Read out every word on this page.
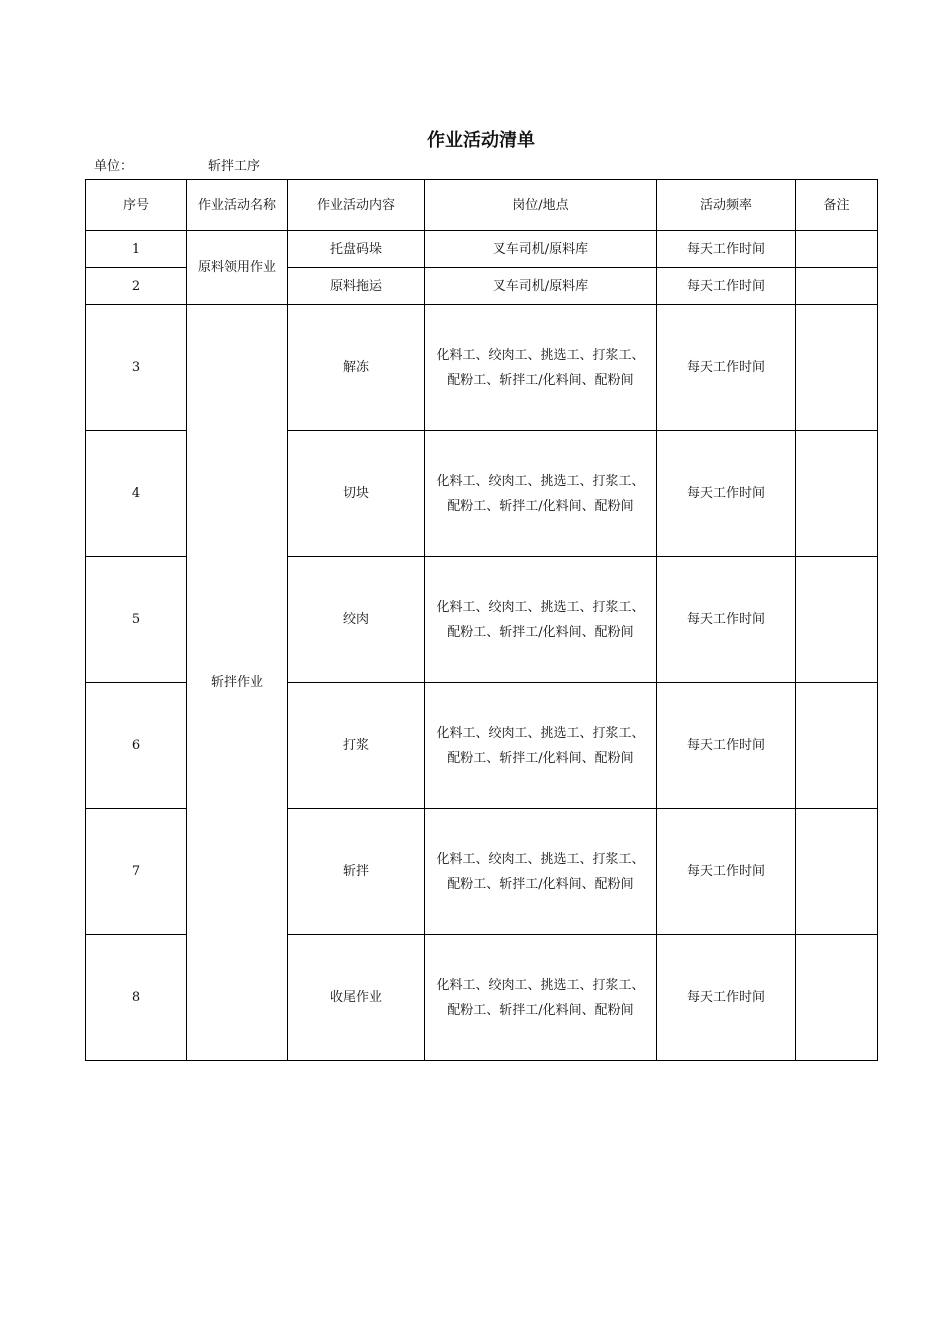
作业活动清单
单位：	斩拌工序
序号	作业活动名称	作业活动内容	岗位/地点	活动频率	备注
1	原料领用作业	托盘码垛	叉车司机/原料库	每天工作时间	
2		原料拖运	叉车司机/原料库	每天工作时间	
3	斩拌作业	解冻	化料工、绞肉工、挑选工、打浆工、配粉工、斩拌工/化料间、配粉间	每天工作时间	
4		切块	化料工、绞肉工、挑选工、打浆工、配粉工、斩拌工/化料间、配粉间	每天工作时间	
5		绞肉	化料工、绞肉工、挑选工、打浆工、配粉工、斩拌工/化料间、配粉间	每天工作时间	
6		打浆	化料工、绞肉工、挑选工、打浆工、配粉工、斩拌工/化料间、配粉间	每天工作时间	
7		斩拌	化料工、绞肉工、挑选工、打浆工、配粉工、斩拌工/化料间、配粉间	每天工作时间	
8		收尾作业	化料工、绞肉工、挑选工、打浆工、配粉工、斩拌工/化料间、配粉间	每天工作时间	
